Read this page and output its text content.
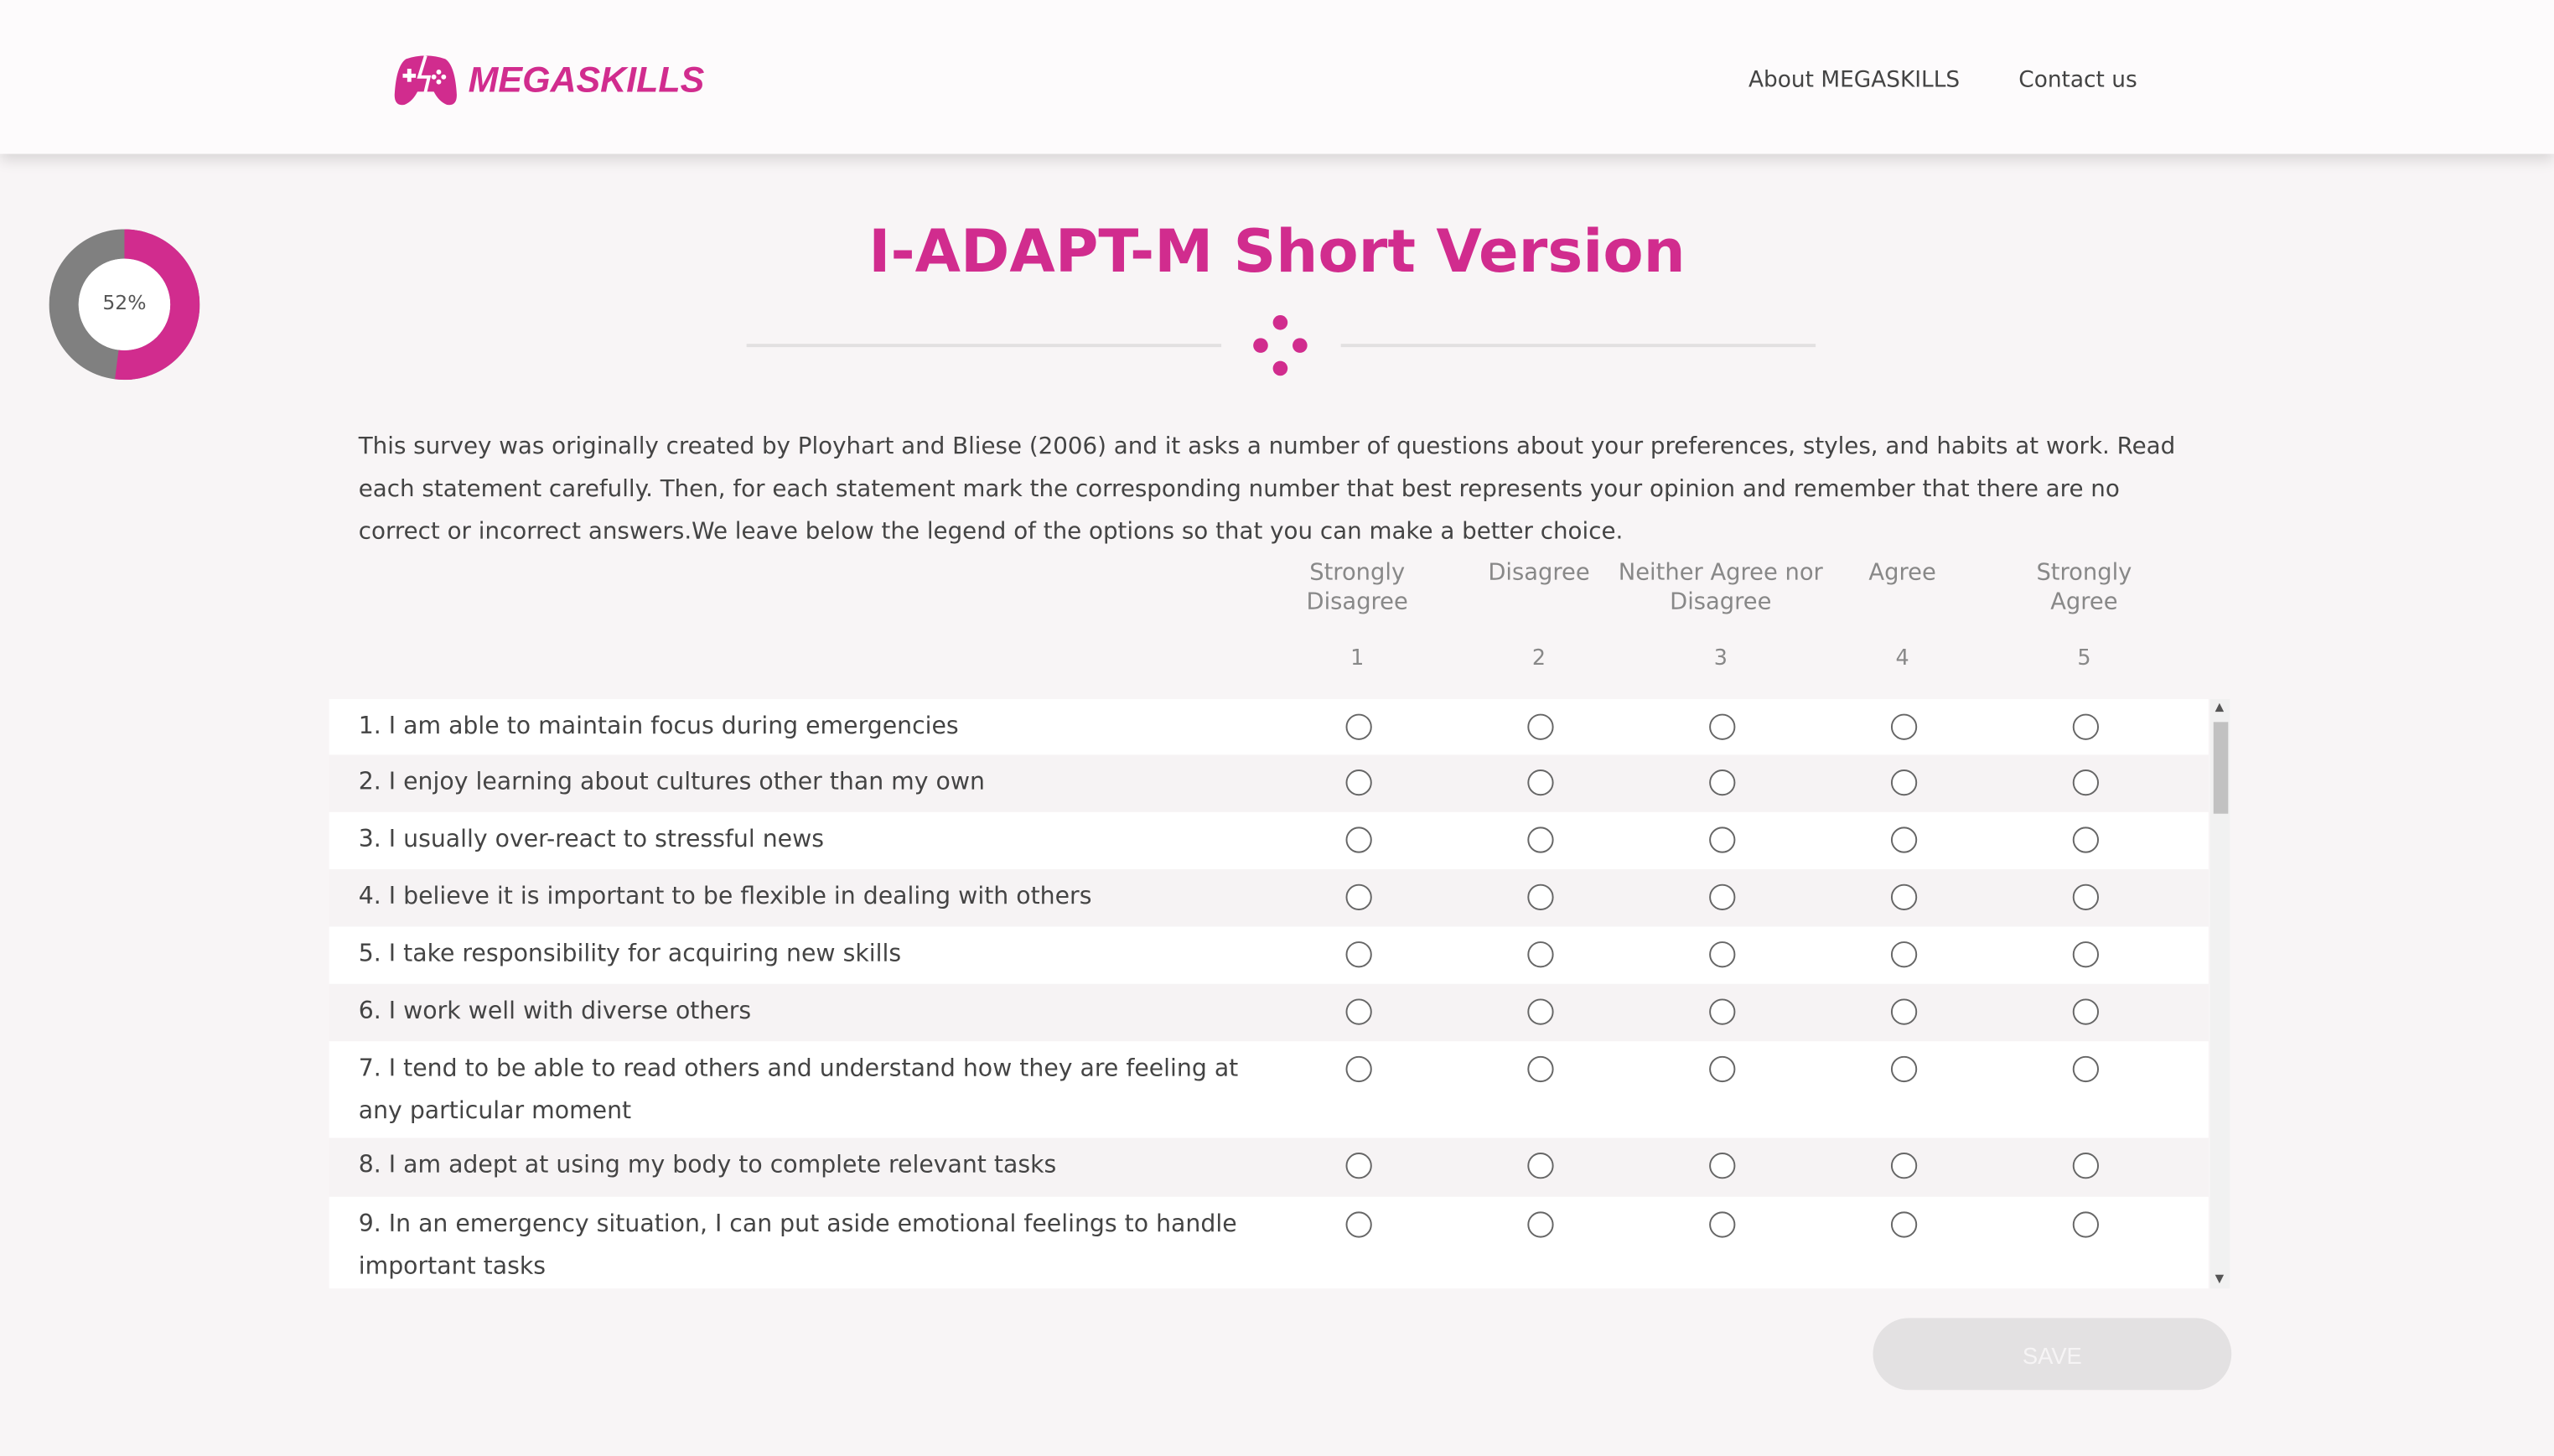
MEGASKILLS	About MEGASKILLS	Contact us
52%
I-ADAPT-M Short Version
This survey was originally created by Ployhart and Bliese (2006) and it asks a number of questions about your preferences, styles, and habits at work. Read each statement carefully. Then, for each statement mark the corresponding number that best represents your opinion and remember that there are no correct or incorrect answers.We leave below the legend of the options so that you can make a better choice.
Strongly Disagree
1
Disagree
2
Neither Agree nor Disagree
3
Agree
4
Strongly Agree
5
1. I am able to maintain focus during emergencies
2. I enjoy learning about cultures other than my own
3. I usually over-react to stressful news
4. I believe it is important to be flexible in dealing with others
5. I take responsibility for acquiring new skills
6. I work well with diverse others
7. I tend to be able to read others and understand how they are feeling at any particular moment
8. I am adept at using my body to complete relevant tasks
9. In an emergency situation, I can put aside emotional feelings to handle important tasks
▲
▼
SAVE
